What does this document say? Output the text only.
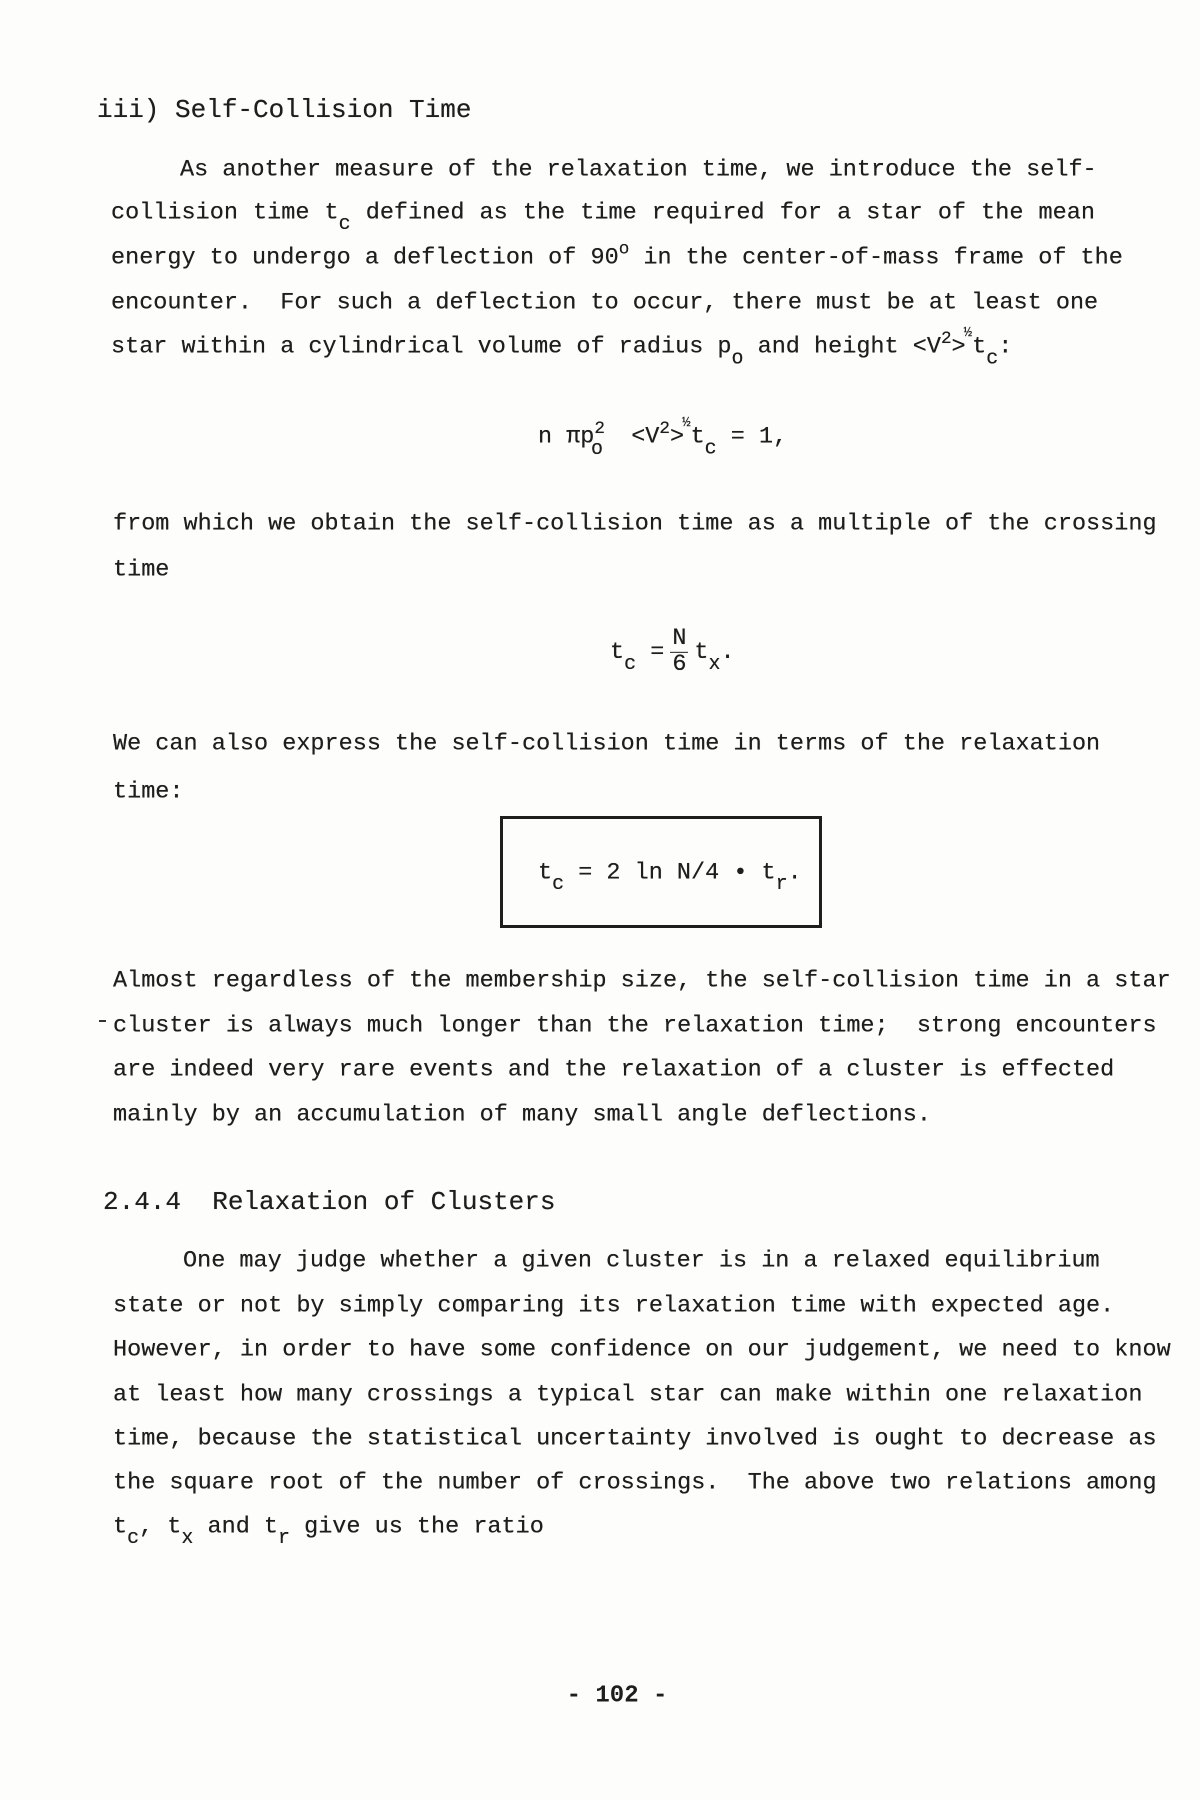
iii) Self-Collision Time
As another measure of the relaxation time, we introduce the self-
collision time $t_c$ defined as the time required for a star of the mean
energy to undergo a deflection of 90$^o$ in the center-of-mass frame of the
encounter.  For such a deflection to occur, there must be at least one
star within a cylindrical volume of radius $p_o$ and height $<V^2>^{\frac{1}{2}}t_c$:
n $\pi p^2_o <V^2>^{\frac{1}{2}}t_c = 1$,
from which we obtain the self-collision time as a multiple of the crossing
time
$t_c = \frac{N}{6} t_x$.
We can also express the self-collision time in terms of the relaxation
time:
$t_c = 2$ ln N/4 • $t_r$.
Almost regardless of the membership size, the self-collision time in a star
cluster is always much longer than the relaxation time;  strong encounters
are indeed very rare events and the relaxation of a cluster is effected
mainly by an accumulation of many small angle deflections.
2.4.4  Relaxation of Clusters
One may judge whether a given cluster is in a relaxed equilibrium
state or not by simply comparing its relaxation time with expected age.
However, in order to have some confidence on our judgement, we need to know
at least how many crossings a typical star can make within one relaxation
time, because the statistical uncertainty involved is ought to decrease as
the square root of the number of crossings.  The above two relations among
$t_c$, $t_x$ and $t_r$ give us the ratio
- 102 -
